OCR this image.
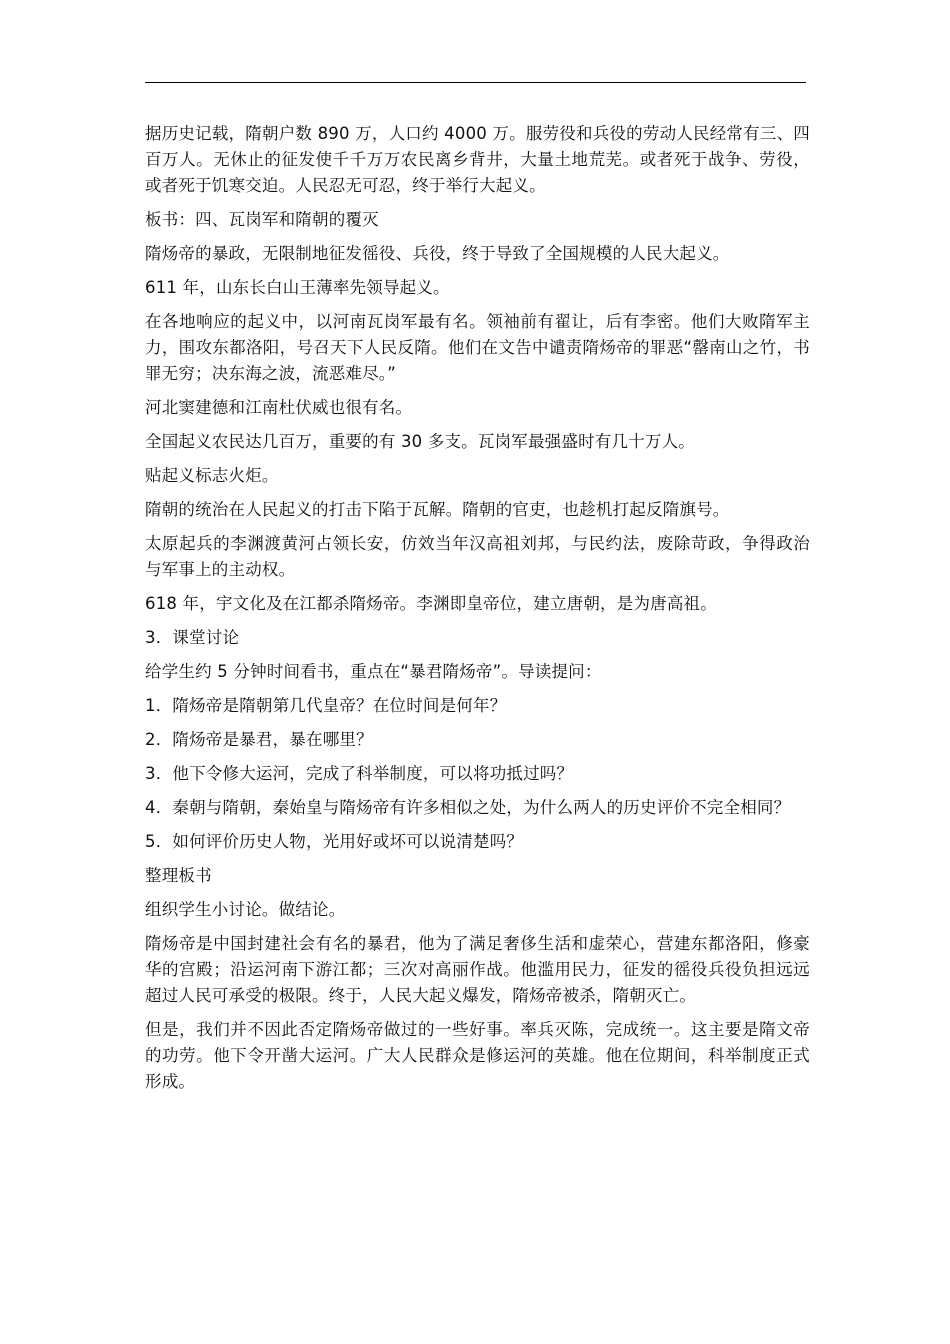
据历史记载，隋朝户数 890 万，人口约 4000 万。服劳役和兵役的劳动人民经常有三、四百万人。无休止的征发使千千万万农民离乡背井，大量土地荒芜。或者死于战争、劳役，或者死于饥寒交迫。人民忍无可忍，终于举行大起义。

板书：四、瓦岗军和隋朝的覆灭

隋炀帝的暴政，无限制地征发徭役、兵役，终于导致了全国规模的人民大起义。

611 年，山东长白山王薄率先领导起义。

在各地响应的起义中，以河南瓦岗军最有名。领袖前有翟让，后有李密。他们大败隋军主力，围攻东都洛阳，号召天下人民反隋。他们在文告中谴责隋炀帝的罪恶“罄南山之竹，书罪无穷；决东海之波，流恶难尽。”

河北窦建德和江南杜伏威也很有名。

全国起义农民达几百万，重要的有 30 多支。瓦岗军最强盛时有几十万人。

贴起义标志火炬。

隋朝的统治在人民起义的打击下陷于瓦解。隋朝的官吏，也趁机打起反隋旗号。

太原起兵的李渊渡黄河占领长安，仿效当年汉高祖刘邦，与民约法，废除苛政，争得政治与军事上的主动权。

618 年，宇文化及在江都杀隋炀帝。李渊即皇帝位，建立唐朝，是为唐高祖。

3．课堂讨论

给学生约 5 分钟时间看书，重点在“暴君隋炀帝”。导读提问：

1．隋炀帝是隋朝第几代皇帝？在位时间是何年？

2．隋炀帝是暴君，暴在哪里？

3．他下令修大运河，完成了科举制度，可以将功抵过吗？

4．秦朝与隋朝，秦始皇与隋炀帝有许多相似之处，为什么两人的历史评价不完全相同？

5．如何评价历史人物，光用好或坏可以说清楚吗？

整理板书

组织学生小讨论。做结论。

隋炀帝是中国封建社会有名的暴君，他为了满足奢侈生活和虚荣心，营建东都洛阳，修豪华的宫殿；沿运河南下游江都；三次对高丽作战。他滥用民力，征发的徭役兵役负担远远超过人民可承受的极限。终于，人民大起义爆发，隋炀帝被杀，隋朝灭亡。

但是，我们并不因此否定隋炀帝做过的一些好事。率兵灭陈，完成统一。这主要是隋文帝的功劳。他下令开凿大运河。广大人民群众是修运河的英雄。他在位期间，科举制度正式形成。
